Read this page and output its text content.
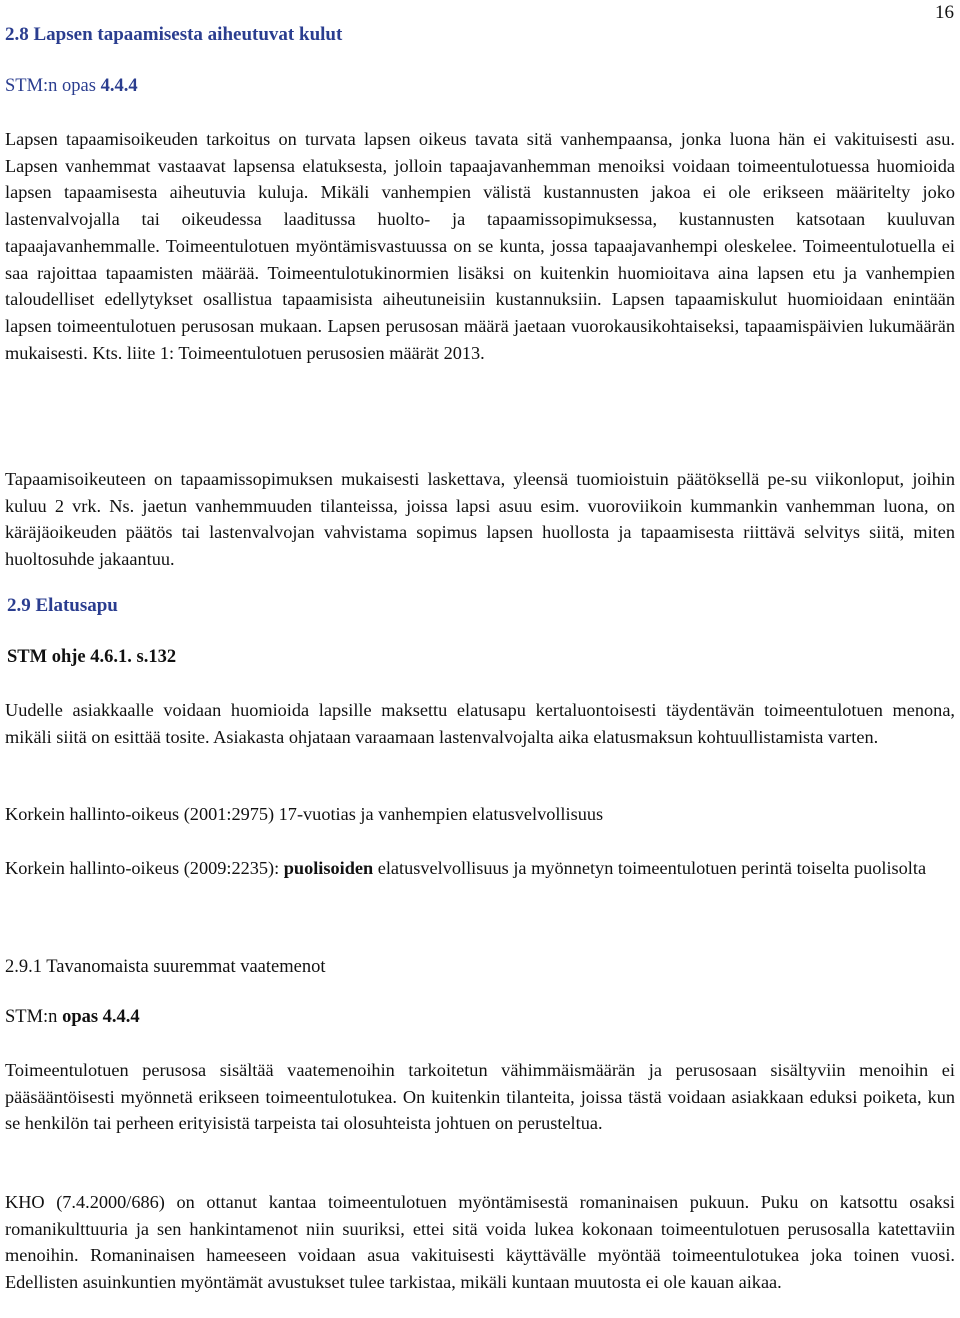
16
2.8 Lapsen tapaamisesta aiheutuvat kulut
STM:n opas 4.4.4

Lapsen tapaamisoikeuden tarkoitus on turvata lapsen oikeus tavata sitä vanhempaansa, jonka luona hän ei vakituisesti asu. Lapsen vanhemmat vastaavat lapsensa elatuksesta, jolloin tapaajavanhemman menoiksi voidaan toimeentulotuessa huomioida lapsen tapaamisesta aiheutuvia kuluja. Mikäli vanhempien välistä kustannusten jakoa ei ole erikseen määritelty joko lastenvalvojalla tai oikeudessa laaditussa huolto- ja tapaamissopimuksessa, kustannusten katsotaan kuuluvan tapaajavanhemmalle. Toimeentulotuen myöntämisvastuussa on se kunta, jossa tapaajavanhempi oleskelee. Toimeentulotuella ei saa rajoittaa tapaamisten määrää. Toimeentulotukinormien lisäksi on kuitenkin huomioitava aina lapsen etu ja vanhempien taloudelliset edellytykset osallistua tapaamisista aiheutuneisiin kustannuksiin. Lapsen tapaamiskulut huomioidaan enintään lapsen toimeentulotuen perusosan mukaan. Lapsen perusosan määrä jaetaan vuorokausikohtaiseksi, tapaamispäivien lukumäärän mukaisesti. Kts. liite 1: Toimeentulotuen perusosien määrät 2013.

Tapaamisoikeuteen on tapaamissopimuksen mukaisesti laskettava, yleensä tuomioistuin päätöksellä pe-su viikonloput, joihin kuluu 2 vrk. Ns. jaetun vanhemmuuden tilanteissa, joissa lapsi asuu esim. vuoroviikoin kummankin vanhemman luona, on käräjäoikeuden päätös tai lastenvalvojan vahvistama sopimus lapsen huollosta ja tapaamisesta riittävä selvitys siitä, miten huoltosuhde jakaantuu.

2.9 Elatusapu
STM ohje 4.6.1. s.132

Uudelle asiakkaalle voidaan huomioida lapsille maksettu elatusapu kertaluontoisesti täydentävän toimeentulotuen menona, mikäli siitä on esittää tosite. Asiakasta ohjataan varaamaan lastenvalvojalta aika elatusmaksun kohtuullistamista varten.

Korkein hallinto-oikeus (2001:2975) 17-vuotias ja vanhempien elatusvelvollisuus

Korkein hallinto-oikeus (2009:2235): puolisoiden elatusvelvollisuus ja myönnetyn toimeentulotuen perintä toiselta puolisolta

2.9.1 Tavanomaista suuremmat vaatemenot
STM:n opas 4.4.4

Toimeentulotuen perusosa sisältää vaatemenoihin tarkoitetun vähimmäismäärän ja perusosaan sisältyviin menoihin ei pääsääntöisesti myönnetä erikseen toimeentulotukea. On kuitenkin tilanteita, joissa tästä voidaan asiakkaan eduksi poiketa, kun se henkilön tai perheen erityisistä tarpeista tai olosuhteista johtuen on perusteltua.

KHO (7.4.2000/686) on ottanut kantaa toimeentulotuen myöntämisestä romaninaisen pukuun. Puku on katsottu osaksi romanikulttuuria ja sen hankintamenot niin suuriksi, ettei sitä voida lukea kokonaan toimeentulotuen perusosalla katettaviin menoihin. Romaninaisen hameeseen voidaan asua vakituisesti käyttävälle myöntää toimeentulotukea joka toinen vuosi. Edellisten asuinkuntien myöntämät avustukset tulee tarkistaa, mikäli kuntaan muutosta ei ole kauan aikaa.
